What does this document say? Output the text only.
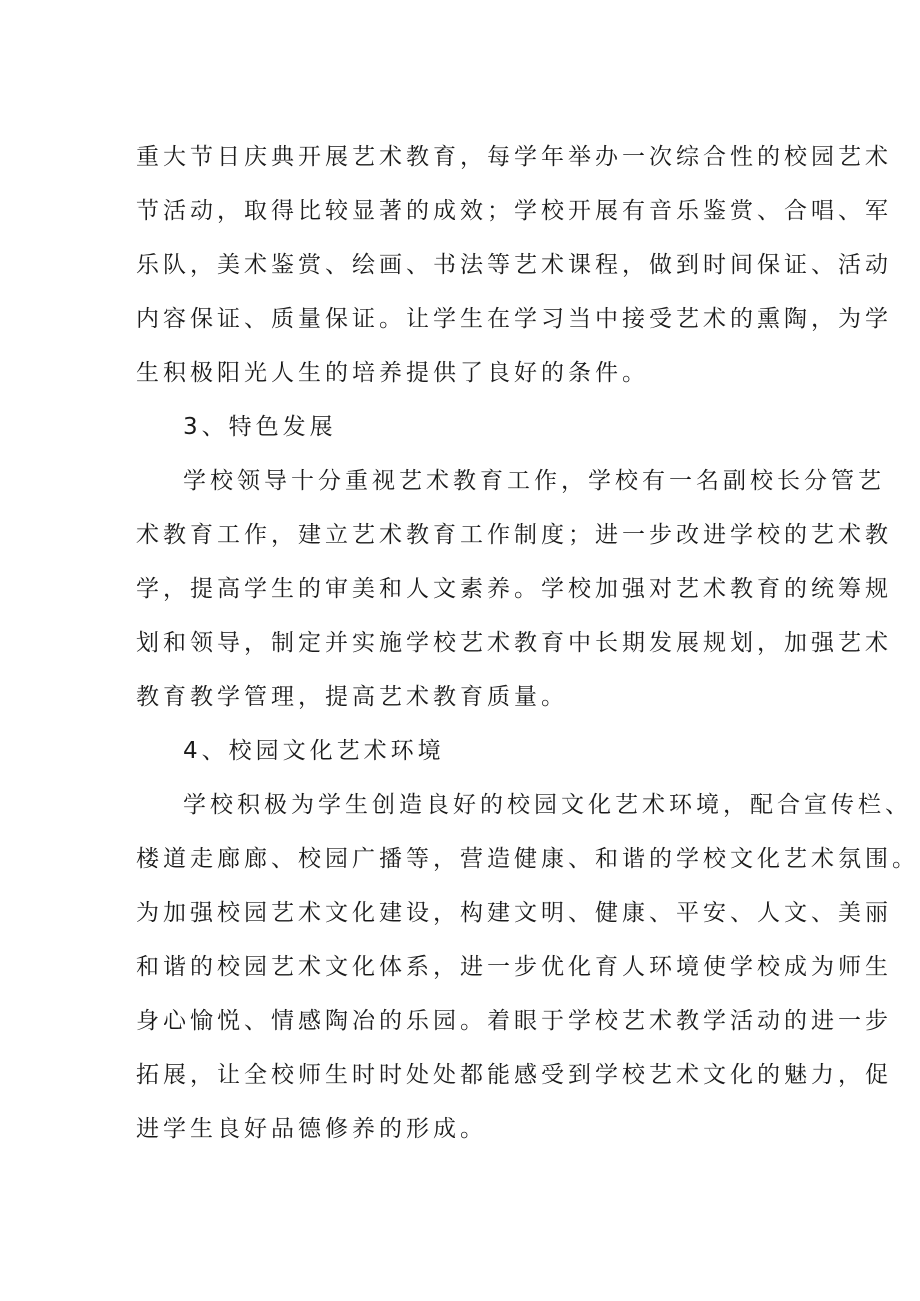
重大节日庆典开展艺术教育，每学年举办一次综合性的校园艺术
节活动，取得比较显著的成效；学校开展有音乐鉴赏、合唱、军
乐队，美术鉴赏、绘画、书法等艺术课程，做到时间保证、活动
内容保证、质量保证。让学生在学习当中接受艺术的熏陶，为学
生积极阳光人生的培养提供了良好的条件。
3、特色发展
学校领导十分重视艺术教育工作，学校有一名副校长分管艺
术教育工作，建立艺术教育工作制度；进一步改进学校的艺术教
学，提高学生的审美和人文素养。学校加强对艺术教育的统筹规
划和领导，制定并实施学校艺术教育中长期发展规划，加强艺术
教育教学管理，提高艺术教育质量。
4、校园文化艺术环境
学校积极为学生创造良好的校园文化艺术环境，配合宣传栏、
楼道走廊廊、校园广播等，营造健康、和谐的学校文化艺术氛围。
为加强校园艺术文化建设，构建文明、健康、平安、人文、美丽
和谐的校园艺术文化体系，进一步优化育人环境使学校成为师生
身心愉悦、情感陶冶的乐园。着眼于学校艺术教学活动的进一步
拓展，让全校师生时时处处都能感受到学校艺术文化的魅力，促
进学生良好品德修养的形成。
